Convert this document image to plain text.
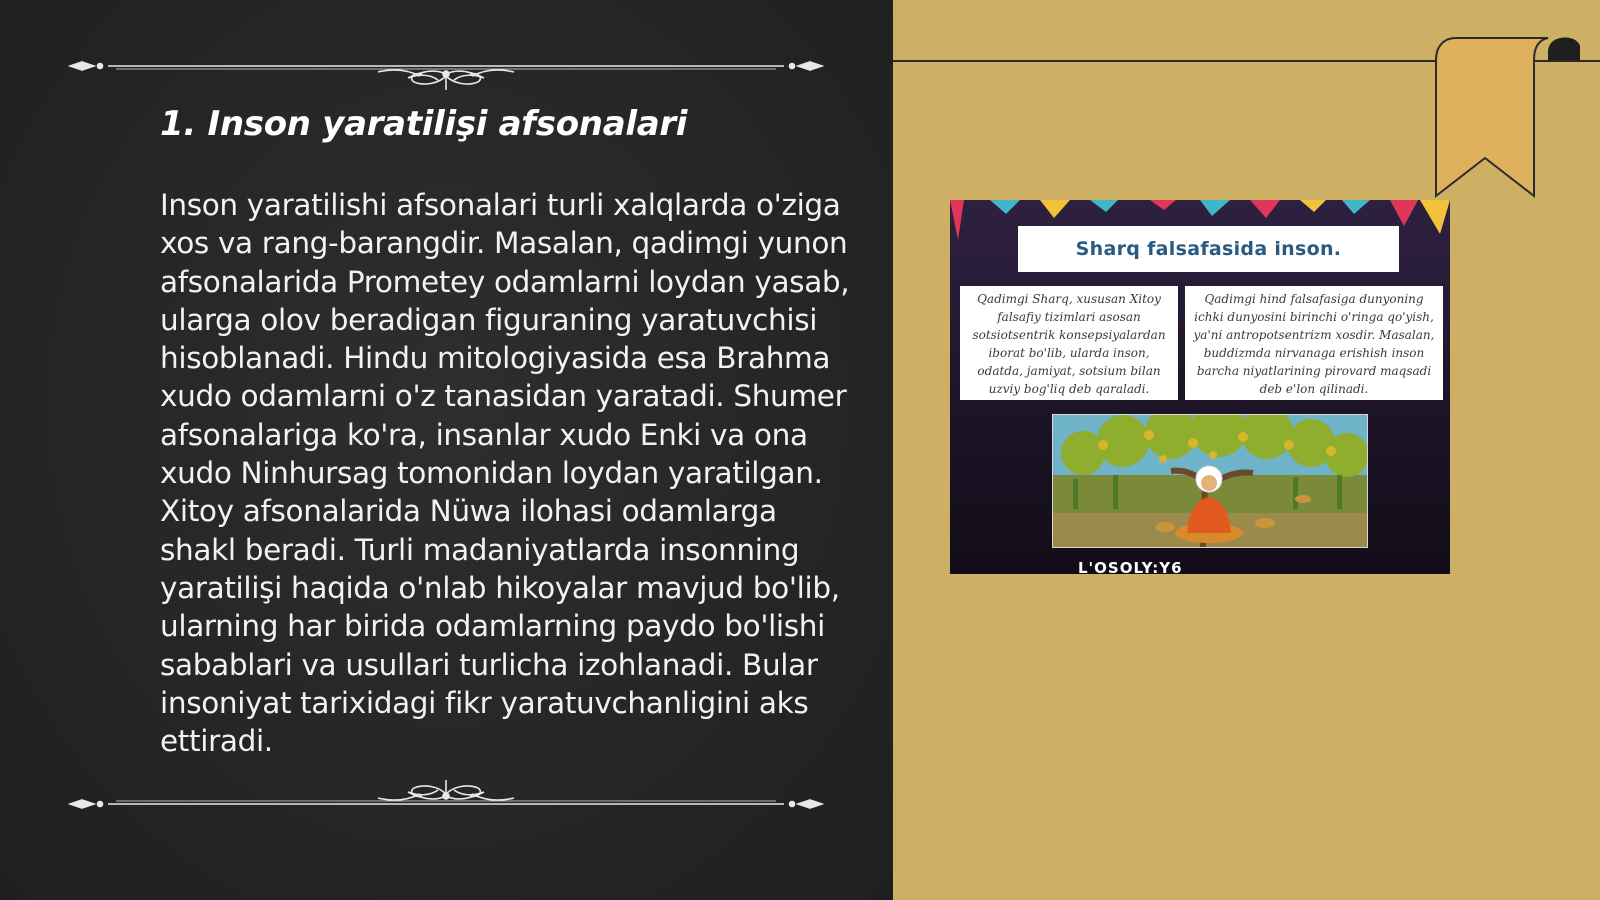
1. Inson yaratilişi afsonalari

Inson yaratilishi afsonalari turli xalqlarda o'ziga xos va rang-barangdir. Masalan, qadimgi yunon afsonalarida Prometey odamlarni loydan yasab, ularga olov beradigan figuraning yaratuvchisi hisoblanadi. Hindu mitologiyasida esa Brahma xudo odamlarni o'z tanasidan yaratadi. Shumer afsonalariga ko'ra, insanlar xudo Enki va ona xudo Ninhursag tomonidan loydan yaratilgan. Xitoy afsonalarida Nüwa ilohasi odamlarga shakl beradi. Turli madaniyatlarda insonning yaratilişi haqida o'nlab hikoyalar mavjud bo'lib, ularning har birida odamlarning paydo bo'lishi sabablari va usullari turlicha izohlanadi. Bular insoniyat tarixidagi fikr yaratuvchanligini aks ettiradi.

Sharq falsafasida inson.
Qadimgi Sharq, xususan Xitoy falsafiy tizimlari asosan sotsiotsentrik konsepsiyalardan iborat bo'lib, ularda inson, odatda, jamiyat, sotsium bilan uzviy bog'liq deb qaraladi.
Qadimgi hind falsafasiga dunyoning ichki dunyosini birinchi o'ringa qo'yish, ya'ni antropotsentrizm xosdir. Masalan, buddizmda nirvanaga erishish inson barcha niyatlarining pirovard maqsadi deb e'lon qilinadi.
L'OSOLY:Y6
